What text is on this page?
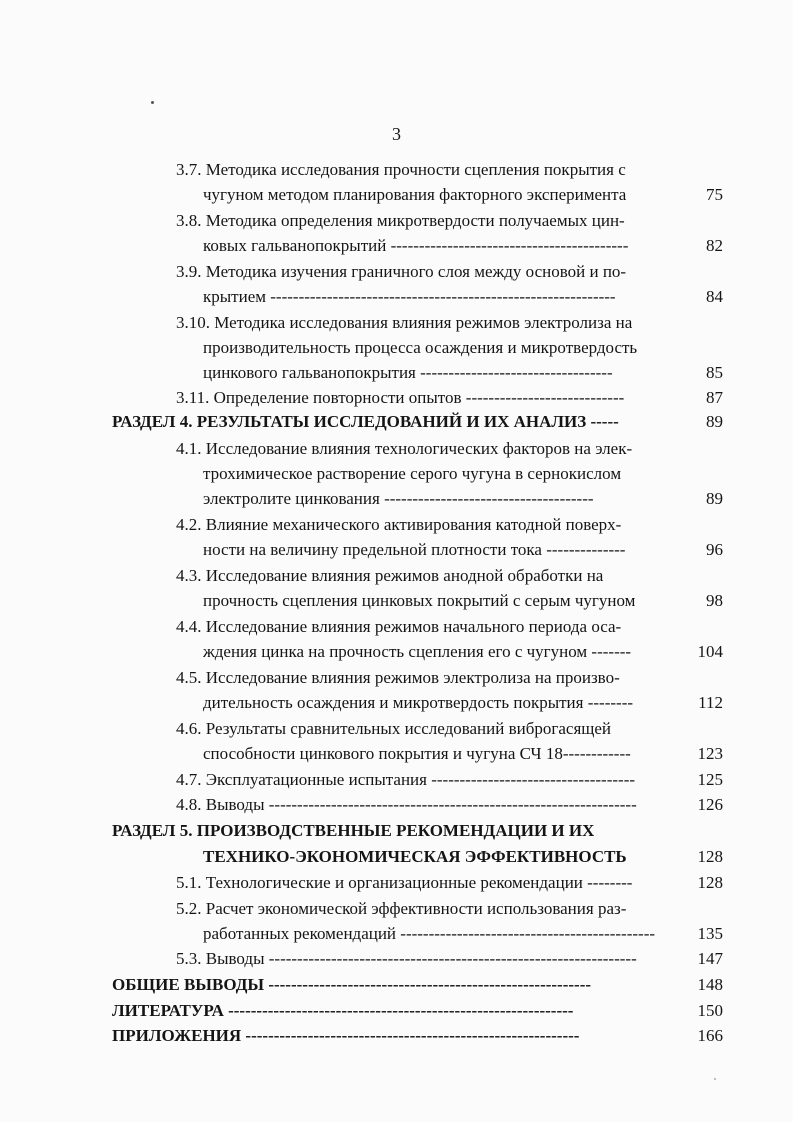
3
3.7. Методика исследования прочности сцепления покрытия с
чугуном методом планирования факторного эксперимента	75
3.8. Методика определения микротвердости получаемых цин-
ковых гальванопокрытий ------------------------------------------	82
3.9. Методика изучения граничного слоя между основой и по-
крытием -------------------------------------------------------------	84
3.10. Методика исследования влияния режимов электролиза на
производительность процесса осаждения и микротвердость
цинкового гальванопокрытия ----------------------------------	85
3.11. Определение повторности опытов ----------------------------	87
РАЗДЕЛ 4. РЕЗУЛЬТАТЫ ИССЛЕДОВАНИЙ И ИХ АНАЛИЗ -----	89
4.1. Исследование влияния технологических факторов на элек-
трохимическое растворение серого чугуна в сернокислом
электролите цинкования -------------------------------------	89
4.2. Влияние механического активирования катодной поверх-
ности на величину предельной плотности тока --------------	96
4.3. Исследование влияния режимов анодной обработки на
прочность сцепления цинковых покрытий с серым чугуном	98
4.4. Исследование влияния режимов начального периода оса-
ждения цинка на прочность сцепления его с чугуном -------	104
4.5. Исследование влияния режимов электролиза на произво-
дительность осаждения и микротвердость покрытия --------	112
4.6. Результаты сравнительных исследований виброгасящей
способности цинкового покрытия и чугуна СЧ 18------------	123
4.7. Эксплуатационные испытания ------------------------------------	125
4.8. Выводы -----------------------------------------------------------------	126
РАЗДЕЛ 5. ПРОИЗВОДСТВЕННЫЕ РЕКОМЕНДАЦИИ И ИХ
ТЕХНИКО-ЭКОНОМИЧЕСКАЯ ЭФФЕКТИВНОСТЬ	128
5.1. Технологические и организационные рекомендации --------	128
5.2. Расчет экономической эффективности использования раз-
работанных рекомендаций ---------------------------------------------	135
5.3. Выводы -----------------------------------------------------------------	147
ОБЩИЕ ВЫВОДЫ ---------------------------------------------------------	148
ЛИТЕРАТУРА -------------------------------------------------------------	150
ПРИЛОЖЕНИЯ -----------------------------------------------------------	166
